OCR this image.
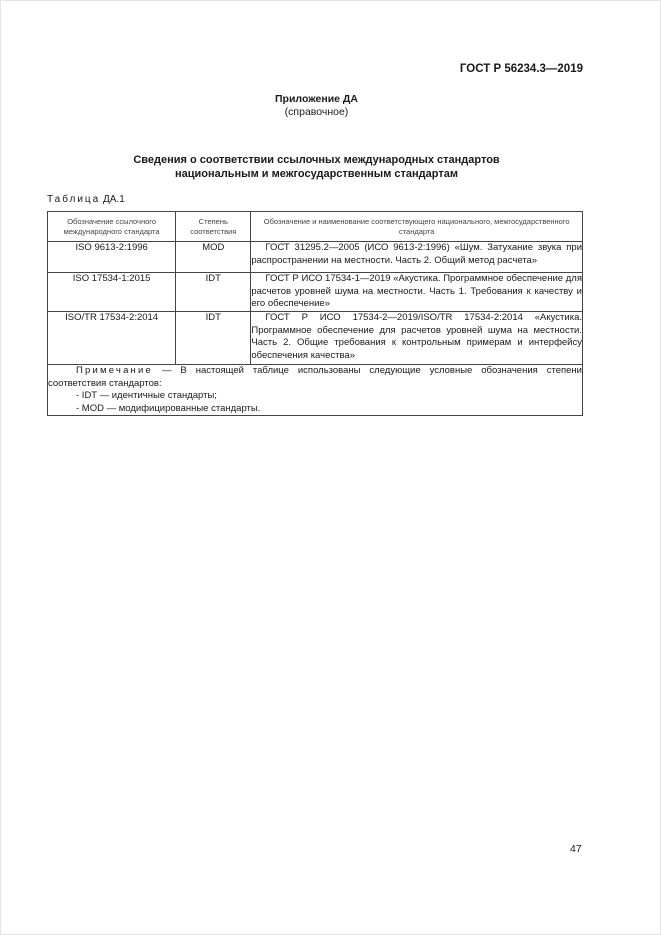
ГОСТ Р 56234.3—2019
Приложение ДА
(справочное)
Сведения о соответствии ссылочных международных стандартов
национальным и межгосударственным стандартам
Таблица ДА.1
Обозначение ссылочного международного стандарта	Степень соответствия	Обозначение и наименование соответствующего национального, межгосударственного стандарта
ISO 9613-2:1996	MOD	ГОСТ 31295.2—2005 (ИСО 9613-2:1996) «Шум. Затухание звука при распространении на местности. Часть 2. Общий метод расчета»

ISO 17534-1:2015	IDT	ГОСТ Р ИСО 17534-1—2019 «Акустика. Программное обеспечение для расчетов уровней шума на местности. Часть 1. Требования к качеству и его обеспечение»

ISO/TR 17534-2:2014	IDT	ГОСТ Р ИСО 17534-2—2019/ISO/TR 17534-2:2014 «Акустика. Программное обеспечение для расчетов уровней шума на местности. Часть 2. Общие требования к контрольным примерам и интерфейсу обеспечения качества»

Примечание — В настоящей таблице использованы следующие условные обозначения степени соответствия стандартов:
- IDT — идентичные стандарты;
- MOD — модифицированные стандарты.		
47
